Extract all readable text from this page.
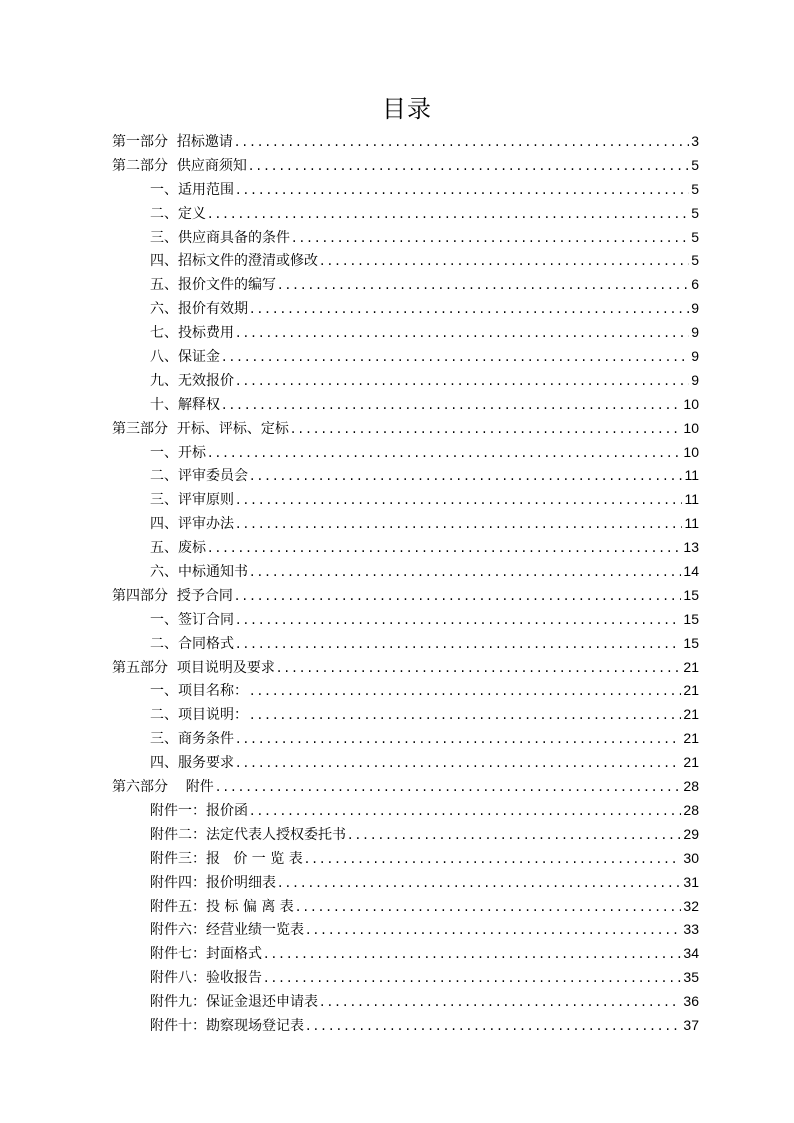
目录
第一部分  招标邀请 .....	3
第二部分  供应商须知 .....	5
一、适用范围 .....	5
二、定义 .....	5
三、供应商具备的条件 .....	5
四、招标文件的澄清或修改 .....	5
五、报价文件的编写 .....	6
六、报价有效期 .....	9
七、投标费用 .....	9
八、保证金 .....	9
九、无效报价 .....	9
十、解释权 .....	10
第三部分  开标、评标、定标 .....	10
一、开标 .....	10
二、评审委员会 .....	11
三、评审原则 .....	11
四、评审办法 .....	11
五、废标 .....	13
六、中标通知书 .....	14
第四部分  授予合同 .....	15
一、签订合同 .....	15
二、合同格式 .....	15
第五部分  项目说明及要求 .....	21
一、项目名称： .....	21
二、项目说明： .....	21
三、商务条件 .....	21
四、服务要求 .....	21
第六部分    附件 .....	28
附件一：报价函 .....	28
附件二：法定代表人授权委托书 .....	29
附件三：报   价 一 览 表 .....	30
附件四：报价明细表 .....	31
附件五：投 标 偏 离 表 .....	32
附件六：经营业绩一览表 .....	33
附件七：封面格式 .....	34
附件八：验收报告 .....	35
附件九：保证金退还申请表 .....	36
附件十：勘察现场登记表 .....	37
